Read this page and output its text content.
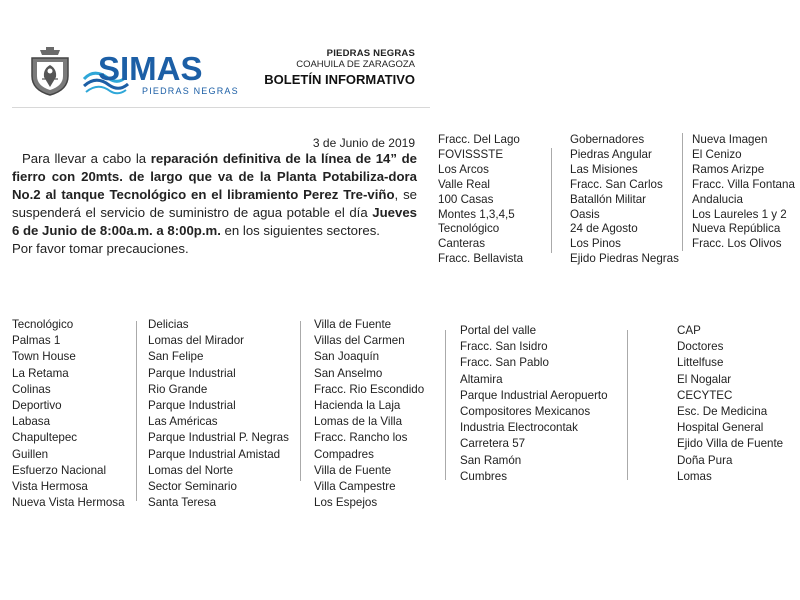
SIMAS
PIEDRAS NEGRAS
PIEDRAS NEGRAS
COAHUILA DE ZARAGOZA
BOLETÍN INFORMATIVO
3 de Junio de 2019

Para llevar a cabo la reparación definitiva de la línea de 14” de fierro con 20mts. de largo que va de la Planta Potabiliza-dora No.2 al tanque Tecnológico en el libramiento Perez Tre-viño, se suspenderá el servicio de suministro de agua potable el día Jueves 6 de Junio de 8:00a.m. a 8:00p.m. en los siguientes sectores.

Por favor tomar precauciones.

Fracc. Del Lago
FOVISSSTE
Los Arcos
Valle Real
100 Casas
Montes 1,3,4,5
Tecnológico
Canteras
Fracc. Bellavista
Gobernadores
Piedras Angular
Las Misiones
Fracc. San Carlos
Batallón Militar
Oasis
24 de Agosto
Los Pinos
Ejido Piedras Negras
Nueva Imagen
El Cenizo
Ramos Arizpe
Fracc. Villa Fontana
Andalucia
Los Laureles 1 y 2
Nueva República
Fracc. Los Olivos
Tecnológico
Palmas 1
Town House
La Retama
Colinas
Deportivo
Labasa
Chapultepec
Guillen
Esfuerzo Nacional
Vista Hermosa
Nueva Vista Hermosa
Delicias
Lomas del Mirador
San Felipe
Parque Industrial
Rio Grande
Parque Industrial
Las Américas
Parque Industrial P. Negras
Parque Industrial Amistad
Lomas del Norte
Sector Seminario
Santa Teresa
Villa de Fuente
Villas del Carmen
San Joaquín
San Anselmo
Fracc. Rio Escondido
Hacienda la Laja
Lomas de la Villa
Fracc. Rancho los
Compadres
Villa de Fuente
Villa Campestre
Los Espejos
Portal del valle
Fracc. San Isidro
Fracc. San Pablo
Altamira
Parque Industrial Aeropuerto
Compositores Mexicanos
Industria Electrocontak
Carretera 57
San Ramón
Cumbres
CAP
Doctores
Littelfuse
El Nogalar
CECYTEC
Esc. De Medicina
Hospital General
Ejido Villa de Fuente
Doña Pura
Lomas
